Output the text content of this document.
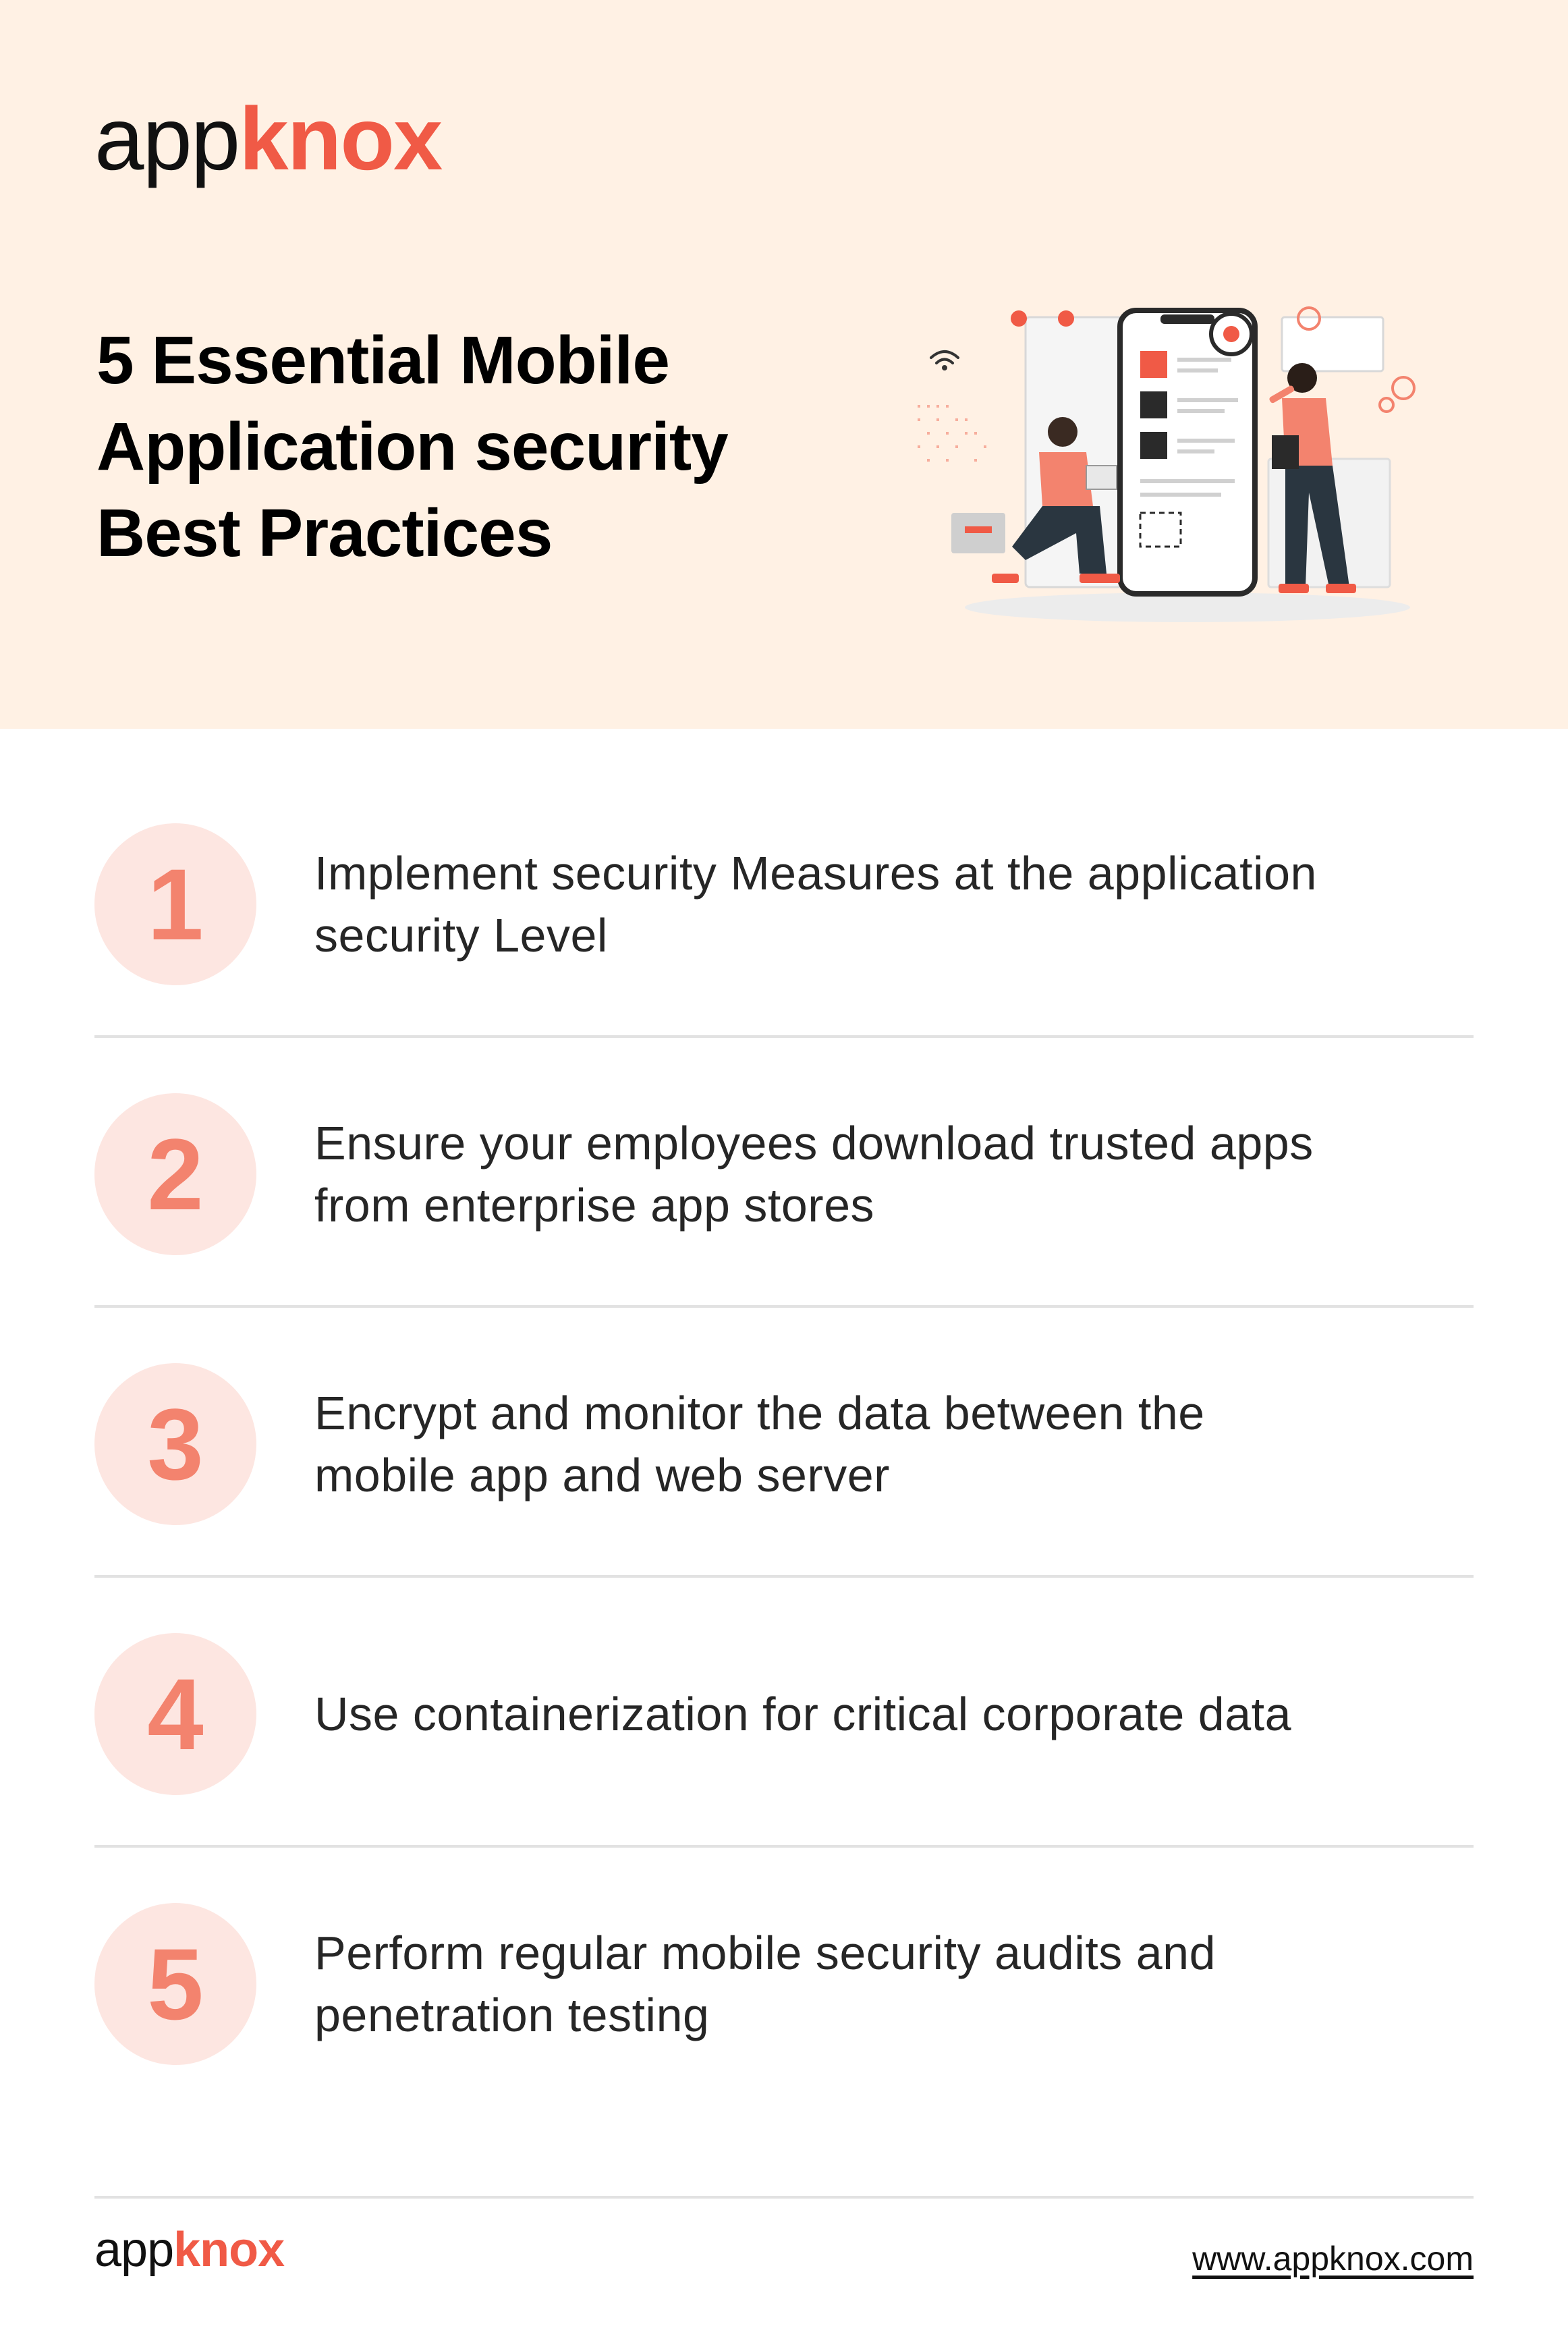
appknox
5 Essential Mobile
Application security
Best Practices
1	Implement security Measures at the application
security Level
2	Ensure your employees download trusted apps
from enterprise app stores
3	Encrypt and monitor the data between the
mobile app and web server
4	Use containerization for critical corporate data
5	Perform regular mobile security audits and
penetration testing
appknox	www.appknox.com
